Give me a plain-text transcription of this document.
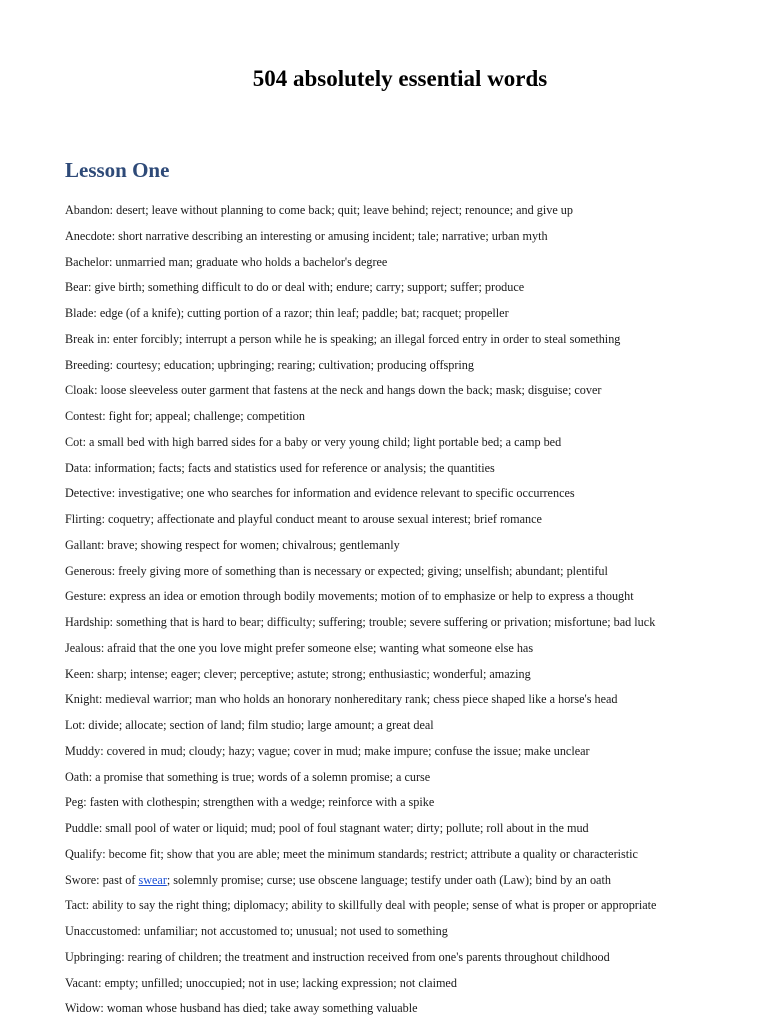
504 absolutely essential words
Lesson One
Abandon: desert; leave without planning to come back; quit; leave behind; reject; renounce; and give up
Anecdote: short narrative describing an interesting or amusing incident; tale; narrative; urban myth
Bachelor: unmarried man; graduate who holds a bachelor's degree
Bear: give birth; something difficult to do or deal with; endure; carry; support; suffer; produce
Blade: edge (of a knife); cutting portion of a razor; thin leaf; paddle; bat; racquet; propeller
Break in: enter forcibly; interrupt a person while he is speaking; an illegal forced entry in order to steal something
Breeding: courtesy; education; upbringing; rearing; cultivation; producing offspring
Cloak: loose sleeveless outer garment that fastens at the neck and hangs down the back; mask; disguise; cover
Contest: fight for; appeal; challenge; competition
Cot: a small bed with high barred sides for a baby or very young child; light portable bed; a camp bed
Data: information; facts; facts and statistics used for reference or analysis; the quantities
Detective: investigative; one who searches for information and evidence relevant to specific occurrences
Flirting: coquetry; affectionate and playful conduct meant to arouse sexual interest; brief romance
Gallant: brave; showing respect for women; chivalrous; gentlemanly
Generous: freely giving more of something than is necessary or expected; giving; unselfish; abundant; plentiful
Gesture: express an idea or emotion through bodily movements; motion of to emphasize or help to express a thought
Hardship: something that is hard to bear; difficulty; suffering; trouble; severe suffering or privation; misfortune; bad luck
Jealous: afraid that the one you love might prefer someone else; wanting what someone else has
Keen: sharp; intense; eager; clever; perceptive; astute; strong; enthusiastic; wonderful; amazing
Knight: medieval warrior; man who holds an honorary nonhereditary rank; chess piece shaped like a horse's head
Lot: divide; allocate; section of land; film studio; large amount; a great deal
Muddy: covered in mud; cloudy; hazy; vague; cover in mud; make impure; confuse the issue; make unclear
Oath: a promise that something is true; words of a solemn promise; a curse
Peg: fasten with clothespin; strengthen with a wedge; reinforce with a spike
Puddle: small pool of water or liquid; mud; pool of foul stagnant water; dirty; pollute; roll about in the mud
Qualify: become fit; show that you are able; meet the minimum standards; restrict; attribute a quality or characteristic
Swore: past of swear; solemnly promise; curse; use obscene language; testify under oath (Law); bind by an oath
Tact: ability to say the right thing; diplomacy; ability to skillfully deal with people; sense of what is proper or appropriate
Unaccustomed: unfamiliar; not accustomed to; unusual; not used to something
Upbringing: rearing of children; the treatment and instruction received from one's parents throughout childhood
Vacant: empty; unfilled; unoccupied; not in use; lacking expression; not claimed
Widow: woman whose husband has died; take away something valuable
